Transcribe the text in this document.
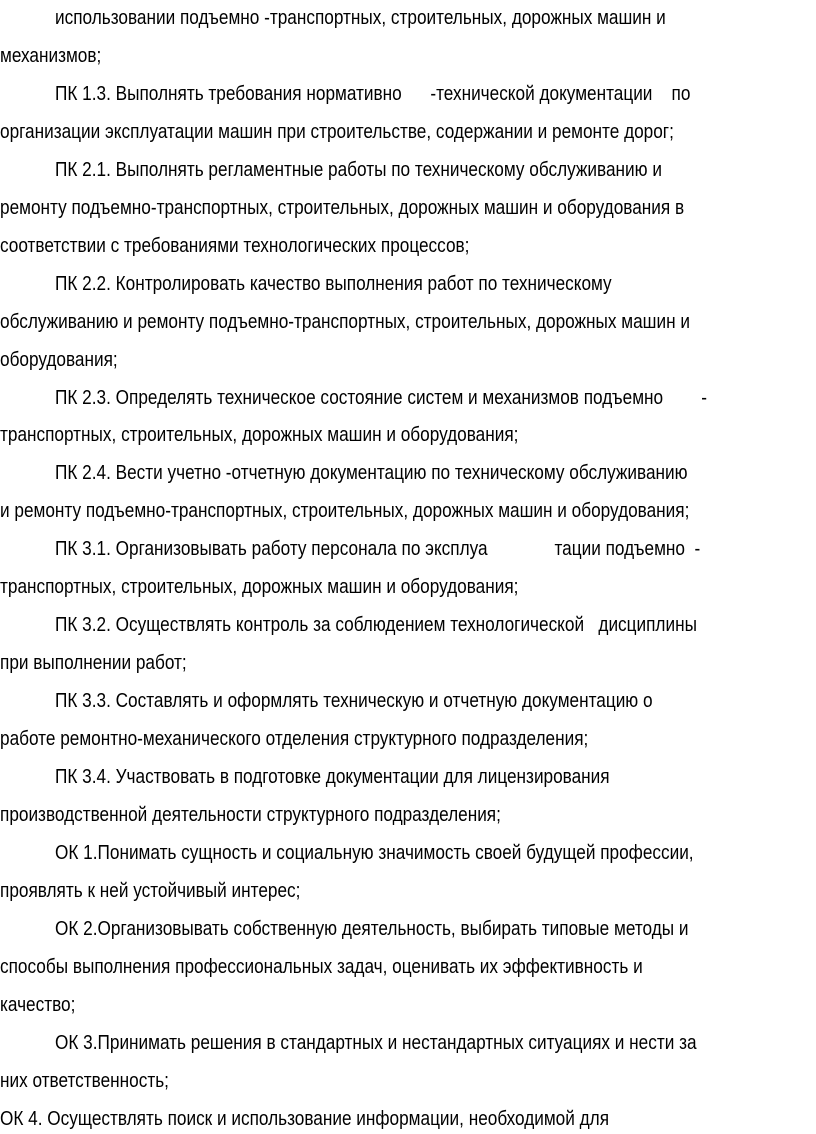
использовании подъемно -транспортных, строительных, дорожных машин и
механизмов;
ПК 1.3. Выполнять требования нормативно      -технической документации    по
организации эксплуатации машин при строительстве, содержании и ремонте дорог;
ПК 2.1. Выполнять регламентные работы по техническому обслуживанию и
ремонту подъемно-транспортных, строительных, дорожных машин и оборудования в
соответствии с требованиями технологических процессов;
ПК 2.2. Контролировать качество выполнения работ по техническому
обслуживанию и ремонту подъемно-транспортных, строительных, дорожных машин и
оборудования;
ПК 2.3. Определять техническое состояние систем и механизмов подъемно        -
транспортных, строительных, дорожных машин и оборудования;
ПК 2.4. Вести учетно -отчетную документацию по техническому обслуживанию
и ремонту подъемно-транспортных, строительных, дорожных машин и оборудования;
ПК 3.1. Организовывать работу персонала по эксплуа              тации подъемно  -
транспортных, строительных, дорожных машин и оборудования;
ПК 3.2. Осуществлять контроль за соблюдением технологической   дисциплины
при выполнении работ;
ПК 3.3. Составлять и оформлять техническую и отчетную документацию о
работе ремонтно-механического отделения структурного подразделения;
ПК 3.4. Участвовать в подготовке документации для лицензирования
производственной деятельности структурного подразделения;
ОК 1.Понимать сущность и социальную значимость своей будущей профессии,
проявлять к ней устойчивый интерес;
ОК 2.Организовывать собственную деятельность, выбирать типовые методы и
способы выполнения профессиональных задач, оценивать их эффективность и
качество;
ОК 3.Принимать решения в стандартных и нестандартных ситуациях и нести за
них ответственность;
ОК 4. Осуществлять поиск и использование информации, необходимой для
